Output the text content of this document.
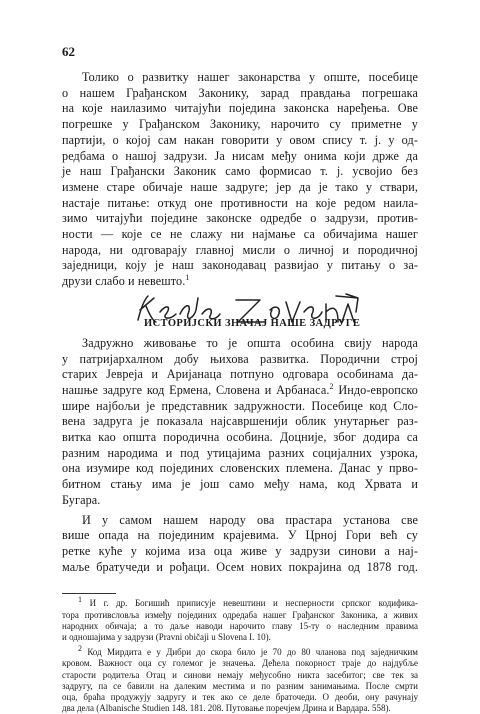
62

Толико о развитку нашег законарства у опште, посебице
о нашем Грађанском Законику, зарад правдања погрешака
на које наилазимо читајући поједина законска наређења. Ове
погрешке у Грађанском Законику, нарочито су приметне у
партији, о којој сам накан говорити у овом спису т. ј. у од-
редбама о нашој задрузи. Ја нисам међу онима који држе да
је наш Грађански Законик само формисао т. ј. усвојио без
измене старе обичаје наше задруге; јер да је тако у ствари,
настаје питање: откуд оне противности на које редом наила-
зимо читајући поједине законске одредбе о задрузи, против-
ности — које се не слажу ни најмање са обичајима нашег
народа, ни одговарају главној мисли о личној и породичној
заједници, коју је наш законодавац развијао у питању о за-
друзи слабо и невешто.$^1$

ИСТОРИЈСКИ ЗНАЧАЈ НАШЕ ЗАДРУГЕ

Задружно живовање то је општа особина свију народа
у патријархалном добу њихова развитка. Породични строј
старих Јевреја и Аријанаца потпуно одговара особинама да-
нашње задруге код Ермена, Словена и Арбанаса.$^2$ Индо-европско
шире најбољи је представник задружности. Посебице код Сло-
вена задруга је показала најсавршенији облик унутарњег раз-
витка као општа породична особина. Доцније, због додира са
разним народима и под утицајима разних социјалних узрока,
она изумире код појединих словенских племена. Данас у прво-
битном стању има је још само међу нама, код Хрвата и
Бугара.

И у самом нашем народу ова прастара установа све
више опада на појединим крајевима. У Црној Гори већ су
ретке куће у којима иза оца живе у задрузи синови а нај-
маље братучеди и рођаци. Осем нових покрајина од 1878 год.

1 И г. др. Богишић приписује невештини и несперности српског кодифика-
тора противсловља између појединих одредаба нашег Грађанског Законика, а живих
народних обичаја; а то даље наводи нарочито главу 15-ту о наследним правима
и одношајима у задрузи (Pravni običaji u Slovena I. 10).

2 Код Мирдита е у Дибри до скора било је 70 до 80 чланова под заједничким
кровом. Важност оца су големог је значења. Дећела покорност траје до најдубље
старости родитеља Отац и синови немају међусобно никта засебитог; све тек за
задругу, па се бавили на далеким местима и по разним занимањима. После смрти
оца, браћа продужују задругу и тек ако се деле браточеди. О деоби, ону рачунају
два дела (Albanische Studien 148. 181. 208. Путовање поречјем Дрина и Вардара. 558).
